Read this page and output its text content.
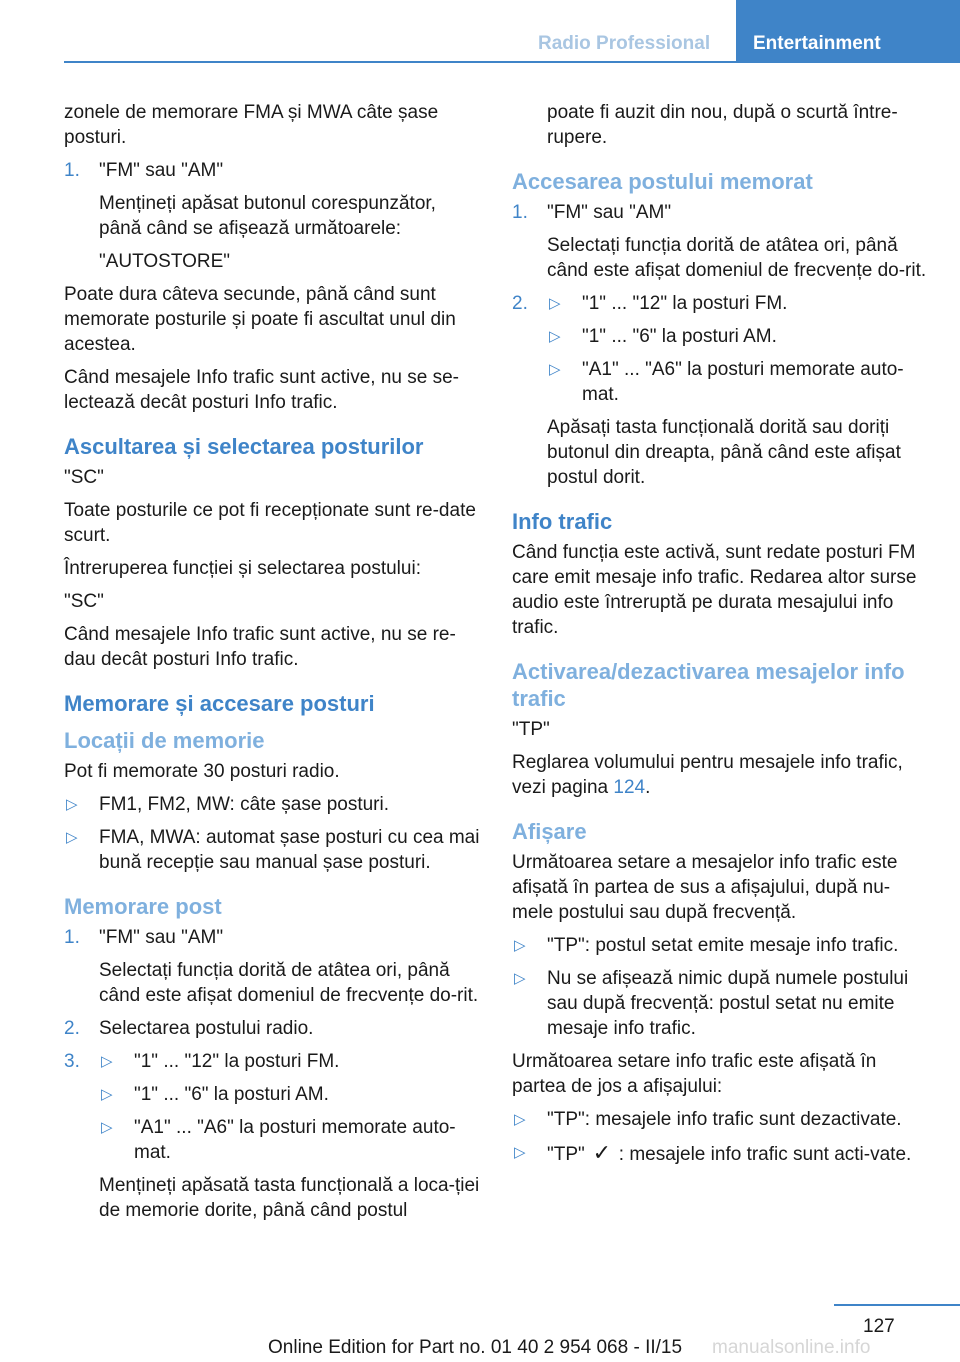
Radio Professional Entertainment

zonele de memorare FMA și MWA câte șase posturi.

1. "FM" sau "AM"

Mențineți apăsat butonul corespunzător, până când se afișează următoarele:

"AUTOSTORE"

Poate dura câteva secunde, până când sunt memorate posturile și poate fi ascultat unul din acestea.

Când mesajele Info trafic sunt active, nu se se-lectează decât posturi Info trafic.

Ascultarea și selectarea posturilor

"SC"

Toate posturile ce pot fi recepționate sunt re-date scurt.

Întreruperea funcției și selectarea postului:

"SC"

Când mesajele Info trafic sunt active, nu se re-dau decât posturi Info trafic.

Memorare și accesare posturi
Locații de memorie

Pot fi memorate 30 posturi radio.

▷ FM1, FM2, MW: câte șase posturi.
▷ FMA, MWA: automat șase posturi cu cea mai bună recepție sau manual șase posturi.
Memorare post
1. "FM" sau "AM"

Selectați funcția dorită de atâtea ori, până când este afișat domeniul de frecvențe do-rit.

2. Selectarea postului radio.
3. ▷ "1" ... "12" la posturi FM.
▷ "1" ... "6" la posturi AM.
▷ "A1" ... "A6" la posturi memorate auto-mat.

Mențineți apăsată tasta funcțională a loca-ției de memorie dorite, până când postul

poate fi auzit din nou, după o scurtă între-rupere.

Accesarea postului memorat
1. "FM" sau "AM"

Selectați funcția dorită de atâtea ori, până când este afișat domeniul de frecvențe do-rit.

2. ▷ "1" ... "12" la posturi FM.
▷ "1" ... "6" la posturi AM.
▷ "A1" ... "A6" la posturi memorate auto-mat.

Apăsați tasta funcțională dorită sau doriți butonul din dreapta, până când este afișat postul dorit.

Info trafic

Când funcția este activă, sunt redate posturi FM care emit mesaje info trafic. Redarea altor surse audio este întreruptă pe durata mesajului info trafic.

Activarea/dezactivarea mesajelor info trafic

"TP"

Reglarea volumului pentru mesajele info trafic, vezi pagina 124.

Afișare

Următoarea setare a mesajelor info trafic este afișată în partea de sus a afișajului, după nu-mele postului sau după frecvență.

▷ "TP": postul setat emite mesaje info trafic.
▷ Nu se afișează nimic după numele postului sau după frecvență: postul setat nu emite mesaje info trafic.

Următoarea setare info trafic este afișată în partea de jos a afișajului:

▷ "TP": mesajele info trafic sunt dezactivate.
▷ "TP" ✓ : mesajele info trafic sunt acti-vate.
127
Online Edition for Part no. 01 40 2 954 068 - II/15 manualsonline.info
